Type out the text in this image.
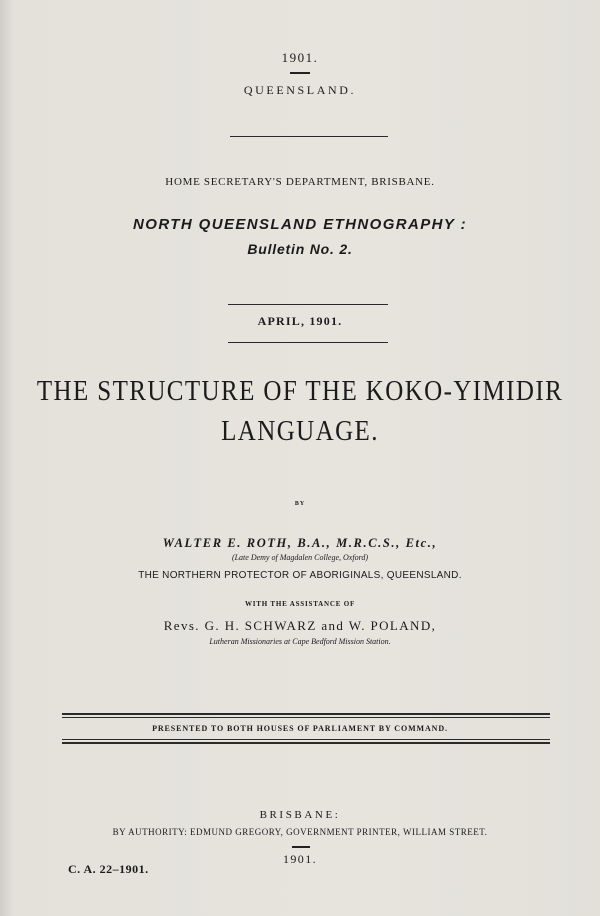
1901.
QUEENSLAND.
HOME SECRETARY'S DEPARTMENT, BRISBANE.
NORTH QUEENSLAND ETHNOGRAPHY :
Bulletin No. 2.
APRIL, 1901.
THE STRUCTURE OF THE KOKO-YIMIDIR
LANGUAGE.
BY
WALTER E. ROTH, B.A., M.R.C.S., Etc.,
(Late Demy of Magdalen College, Oxford)
THE NORTHERN PROTECTOR OF ABORIGINALS, QUEENSLAND.
WITH THE ASSISTANCE OF
Revs. G. H. SCHWARZ and W. POLAND,
Lutheran Missionaries at Cape Bedford Mission Station.
PRESENTED TO BOTH HOUSES OF PARLIAMENT BY COMMAND.
BRISBANE:
BY AUTHORITY: EDMUND GREGORY, GOVERNMENT PRINTER, WILLIAM STREET.
1901.
C. A. 22–1901.
